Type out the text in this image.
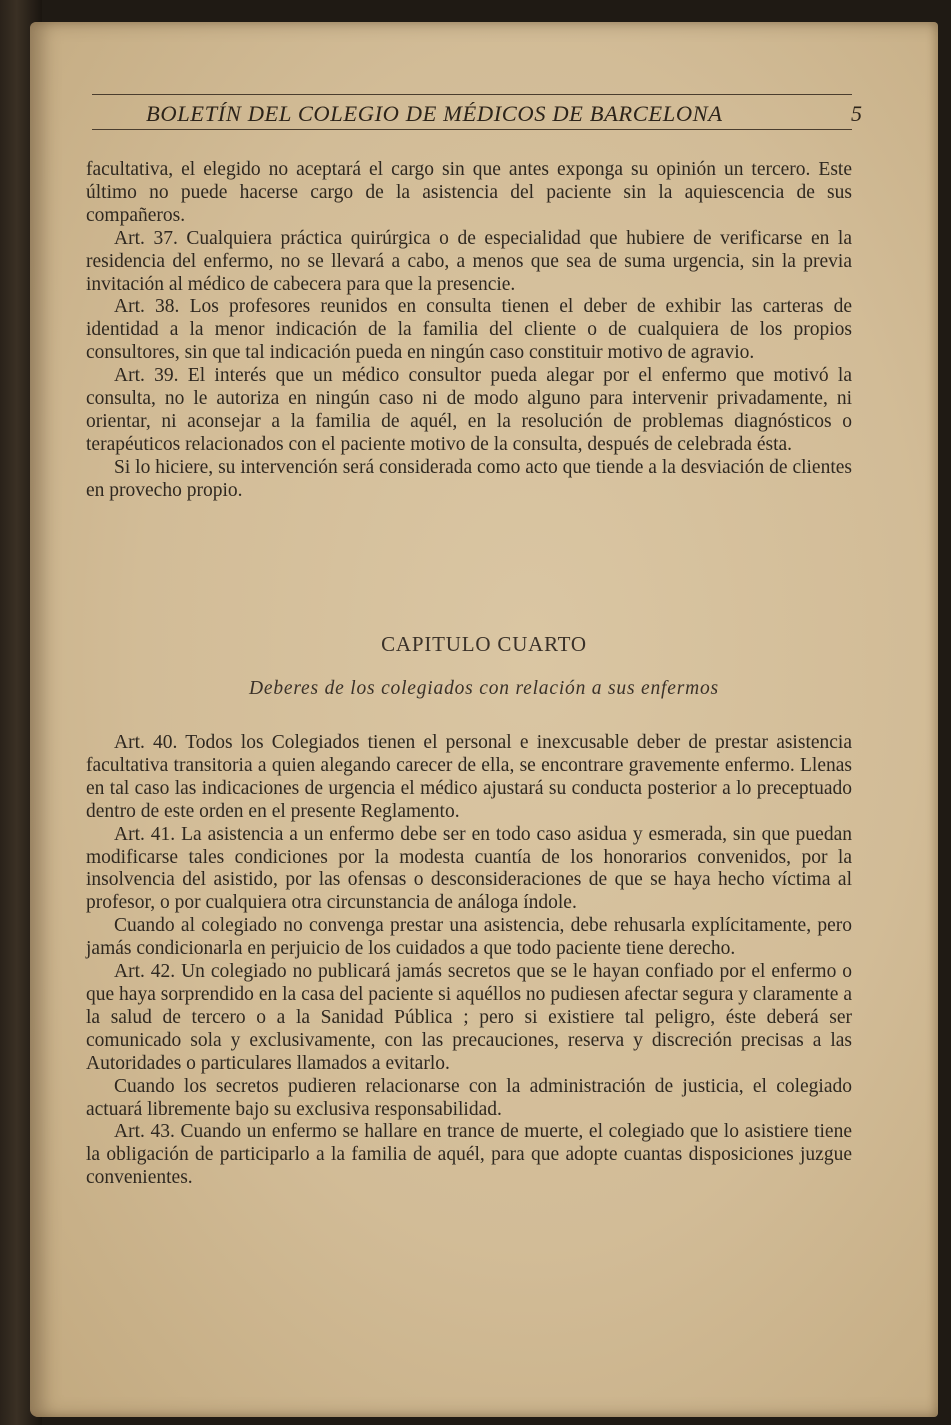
BOLETÍN DEL COLEGIO DE MÉDICOS DE BARCELONA	5

facultativa, el elegido no aceptará el cargo sin que antes exponga su opinión un tercero. Este último no puede hacerse cargo de la asistencia del paciente sin la aquiescencia de sus compañeros.

Art. 37. Cualquiera práctica quirúrgica o de especialidad que hubiere de verificarse en la residencia del enfermo, no se llevará a cabo, a menos que sea de suma urgencia, sin la previa invitación al médico de cabecera para que la presencie.

Art. 38. Los profesores reunidos en consulta tienen el deber de exhibir las carteras de identidad a la menor indicación de la familia del cliente o de cualquiera de los propios consultores, sin que tal indicación pueda en ningún caso constituir motivo de agravio.

Art. 39. El interés que un médico consultor pueda alegar por el enfermo que motivó la consulta, no le autoriza en ningún caso ni de modo alguno para intervenir privadamente, ni orientar, ni aconsejar a la familia de aquél, en la resolución de problemas diagnósticos o terapéuticos relacionados con el paciente motivo de la consulta, después de celebrada ésta.

Si lo hiciere, su intervención será considerada como acto que tiende a la desviación de clientes en provecho propio.

CAPITULO CUARTO
Deberes de los colegiados con relación a sus enfermos

Art. 40. Todos los Colegiados tienen el personal e inexcusable deber de prestar asistencia facultativa transitoria a quien alegando carecer de ella, se encontrare gravemente enfermo. Llenas en tal caso las indicaciones de urgencia el médico ajustará su conducta posterior a lo preceptuado dentro de este orden en el presente Reglamento.

Art. 41. La asistencia a un enfermo debe ser en todo caso asidua y esmerada, sin que puedan modificarse tales condiciones por la modesta cuantía de los honorarios convenidos, por la insolvencia del asistido, por las ofensas o desconsideraciones de que se haya hecho víctima al profesor, o por cualquiera otra circunstancia de análoga índole.

Cuando al colegiado no convenga prestar una asistencia, debe rehusarla explícitamente, pero jamás condicionarla en perjuicio de los cuidados a que todo paciente tiene derecho.

Art. 42. Un colegiado no publicará jamás secretos que se le hayan confiado por el enfermo o que haya sorprendido en la casa del paciente si aquéllos no pudiesen afectar segura y claramente a la salud de tercero o a la Sanidad Pública ; pero si existiere tal peligro, éste deberá ser comunicado sola y exclusivamente, con las precauciones, reserva y discreción precisas a las Autoridades o particulares llamados a evitarlo.

Cuando los secretos pudieren relacionarse con la administración de justicia, el colegiado actuará libremente bajo su exclusiva responsabilidad.

Art. 43. Cuando un enfermo se hallare en trance de muerte, el colegiado que lo asistiere tiene la obligación de participarlo a la familia de aquél, para que adopte cuantas disposiciones juzgue convenientes.
